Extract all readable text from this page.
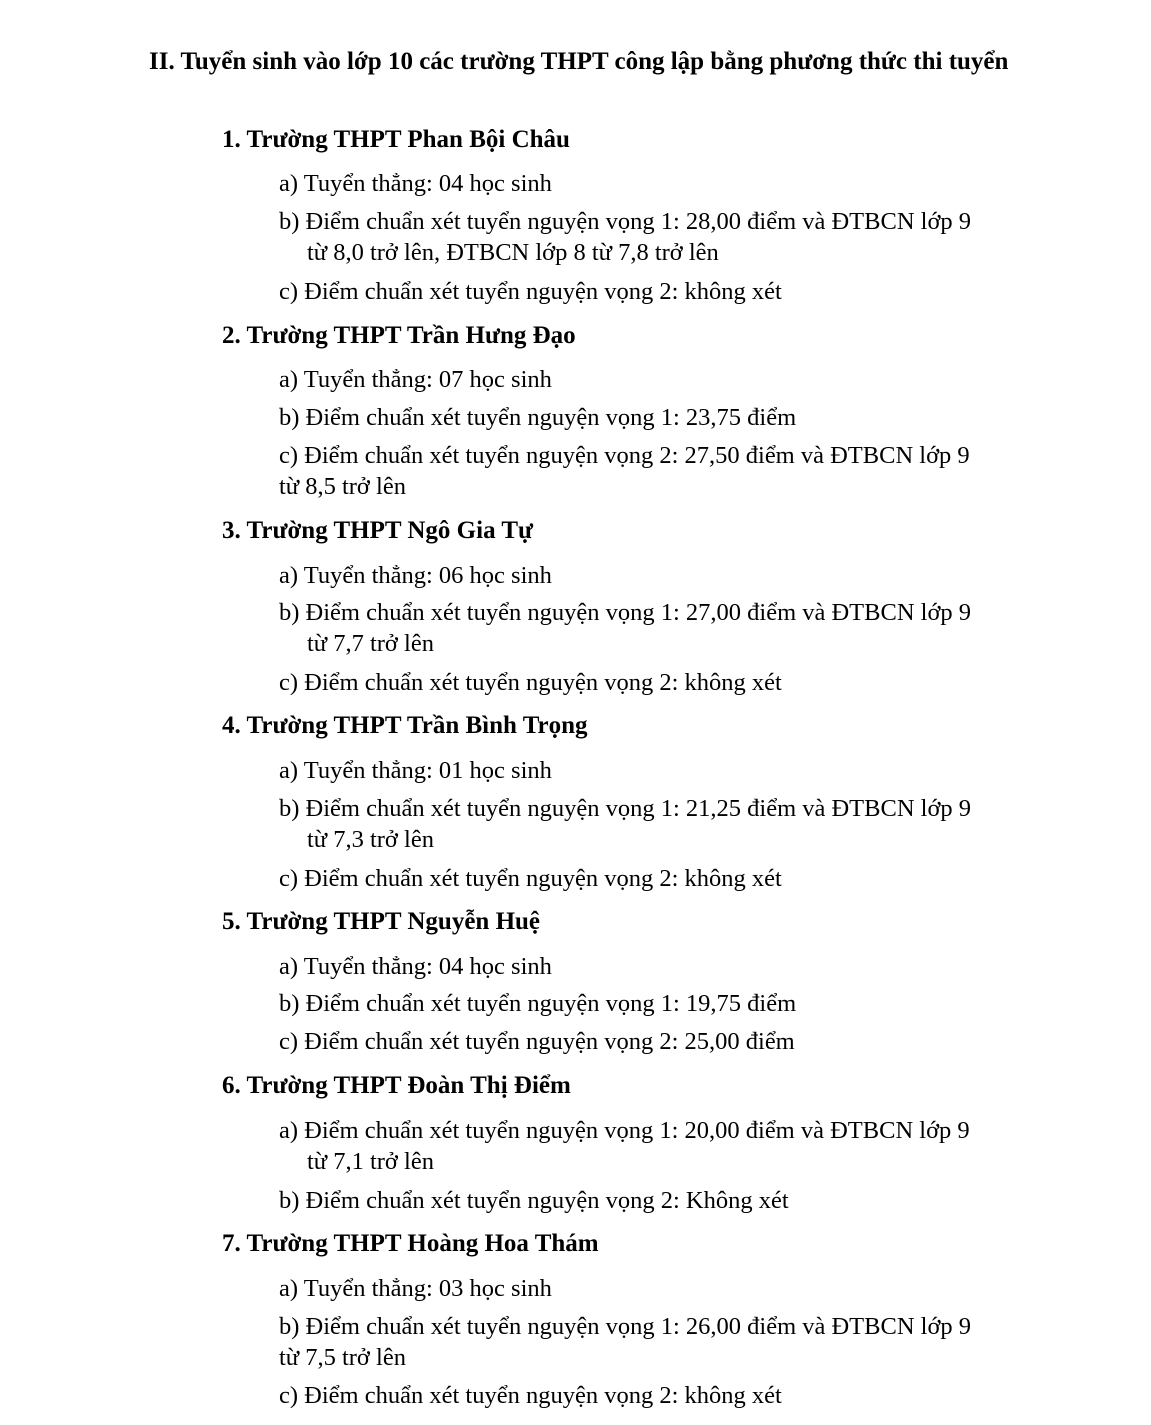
II. Tuyển sinh vào lớp 10 các trường THPT công lập bằng phương thức thi tuyển

1. Trường THPT Phan Bội Châu

a) Tuyển thẳng: 04 học sinh
b) Điểm chuẩn xét tuyển nguyện vọng 1: 28,00 điểm và ĐTBCN lớp 9
từ 8,0 trở lên, ĐTBCN lớp 8 từ 7,8 trở lên
c) Điểm chuẩn xét tuyển nguyện vọng 2: không xét

2. Trường THPT Trần Hưng Đạo

a) Tuyển thẳng: 07 học sinh
b) Điểm chuẩn xét tuyển nguyện vọng 1: 23,75 điểm
c) Điểm chuẩn xét tuyển nguyện vọng 2: 27,50 điểm và ĐTBCN lớp 9
từ 8,5 trở lên

3. Trường THPT Ngô Gia Tự

a) Tuyển thẳng: 06 học sinh
b) Điểm chuẩn xét tuyển nguyện vọng 1: 27,00 điểm và ĐTBCN lớp 9
từ 7,7 trở lên
c) Điểm chuẩn xét tuyển nguyện vọng 2: không xét

4. Trường THPT Trần Bình Trọng

a) Tuyển thẳng: 01 học sinh
b) Điểm chuẩn xét tuyển nguyện vọng 1: 21,25 điểm và ĐTBCN lớp 9
từ 7,3 trở lên
c) Điểm chuẩn xét tuyển nguyện vọng 2: không xét

5. Trường THPT Nguyễn Huệ

a) Tuyển thẳng: 04 học sinh
b) Điểm chuẩn xét tuyển nguyện vọng 1: 19,75 điểm
c) Điểm chuẩn xét tuyển nguyện vọng 2: 25,00 điểm

6. Trường THPT Đoàn Thị Điểm

a) Điểm chuẩn xét tuyển nguyện vọng 1: 20,00 điểm và ĐTBCN lớp 9
từ 7,1 trở lên
b) Điểm chuẩn xét tuyển nguyện vọng 2: Không xét

7. Trường THPT Hoàng Hoa Thám

a) Tuyển thẳng: 03 học sinh
b) Điểm chuẩn xét tuyển nguyện vọng 1: 26,00 điểm và ĐTBCN lớp 9
từ 7,5 trở lên
c) Điểm chuẩn xét tuyển nguyện vọng 2: không xét
